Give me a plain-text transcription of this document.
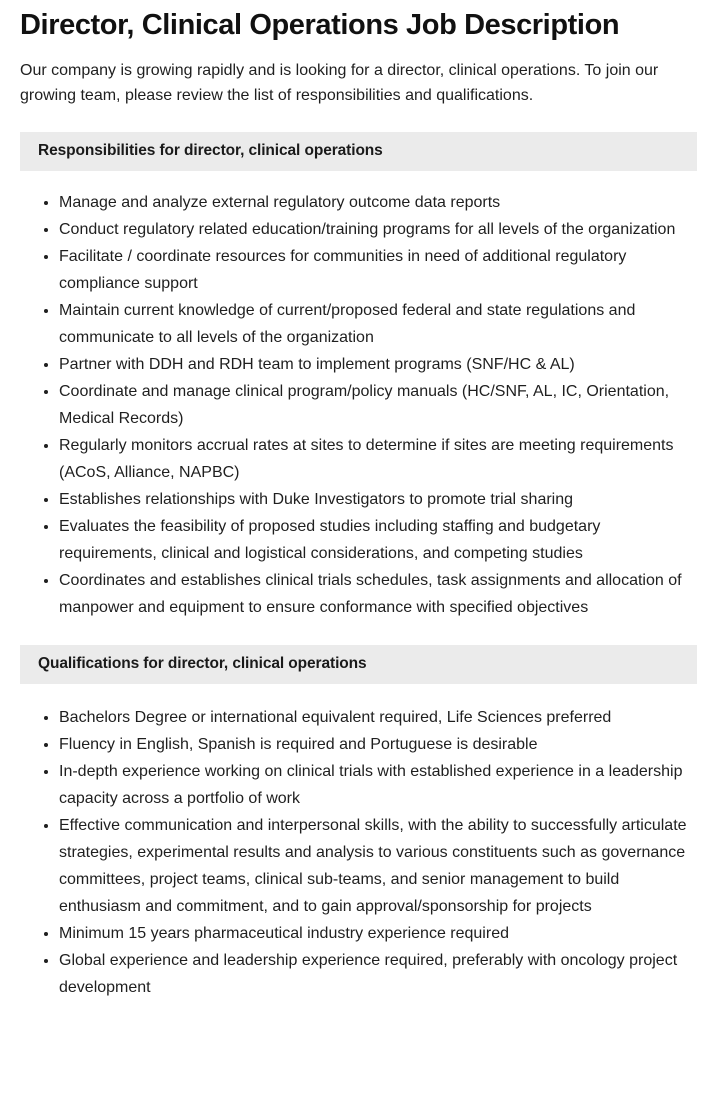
Director, Clinical Operations Job Description

Our company is growing rapidly and is looking for a director, clinical operations. To join our growing team, please review the list of responsibilities and qualifications.

Responsibilities for director, clinical operations
Manage and analyze external regulatory outcome data reports
Conduct regulatory related education/training programs for all levels of the organization
Facilitate / coordinate resources for communities in need of additional regulatory compliance support
Maintain current knowledge of current/proposed federal and state regulations and communicate to all levels of the organization
Partner with DDH and RDH team to implement programs (SNF/HC & AL)
Coordinate and manage clinical program/policy manuals (HC/SNF, AL, IC, Orientation, Medical Records)
Regularly monitors accrual rates at sites to determine if sites are meeting requirements (ACoS, Alliance, NAPBC)
Establishes relationships with Duke Investigators to promote trial sharing
Evaluates the feasibility of proposed studies including staffing and budgetary requirements, clinical and logistical considerations, and competing studies
Coordinates and establishes clinical trials schedules, task assignments and allocation of manpower and equipment to ensure conformance with specified objectives
Qualifications for director, clinical operations
Bachelors Degree or international equivalent required, Life Sciences preferred
Fluency in English, Spanish is required and Portuguese is desirable
In-depth experience working on clinical trials with established experience in a leadership capacity across a portfolio of work
Effective communication and interpersonal skills, with the ability to successfully articulate strategies, experimental results and analysis to various constituents such as governance committees, project teams, clinical sub-teams, and senior management to build enthusiasm and commitment, and to gain approval/sponsorship for projects
Minimum 15 years pharmaceutical industry experience required
Global experience and leadership experience required, preferably with oncology project development
